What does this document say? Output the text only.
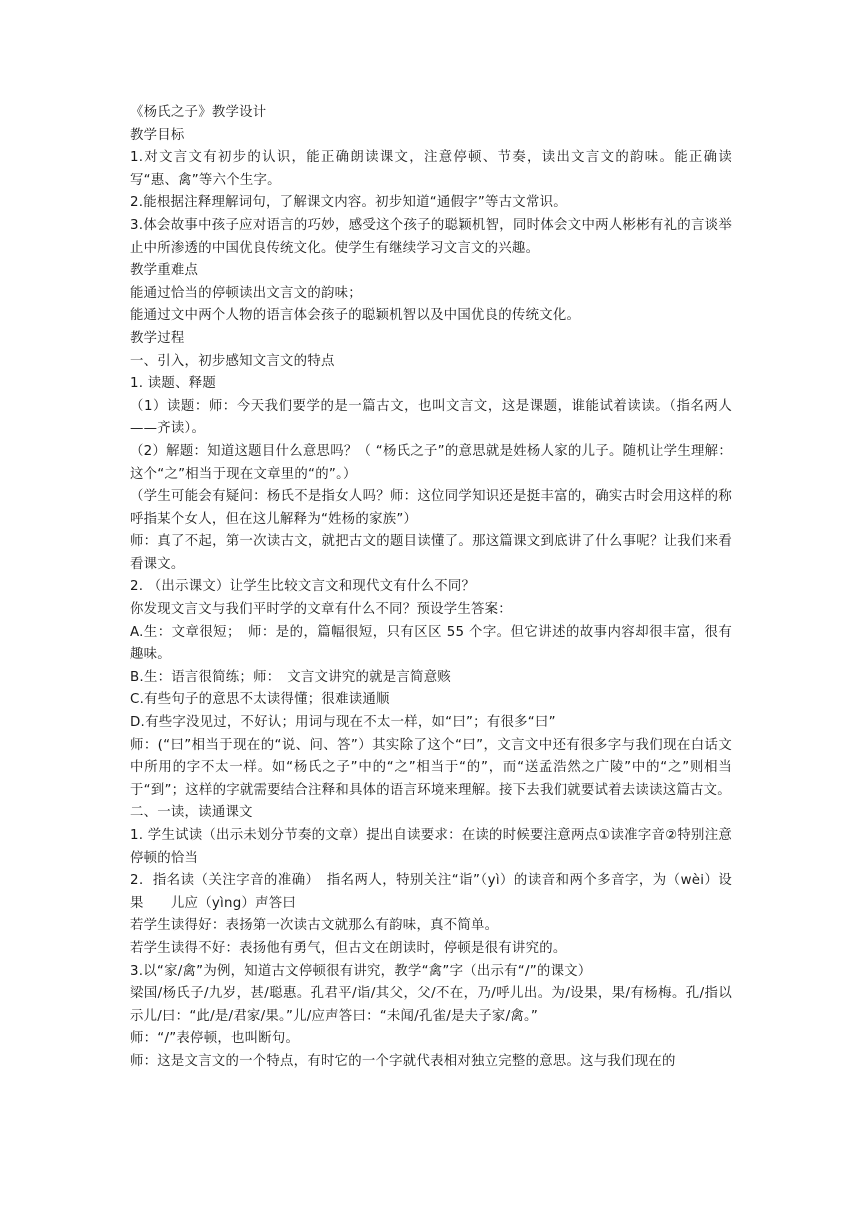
《杨氏之子》教学设计

教学目标

1.对文言文有初步的认识，能正确朗读课文，注意停顿、节奏，读出文言文的韵味。能正确读写“惠、禽”等六个生字。

2.能根据注释理解词句，了解课文内容。初步知道“通假字”等古文常识。

3.体会故事中孩子应对语言的巧妙，感受这个孩子的聪颖机智，同时体会文中两人彬彬有礼的言谈举止中所渗透的中国优良传统文化。使学生有继续学习文言文的兴趣。

教学重难点

能通过恰当的停顿读出文言文的韵味；

能通过文中两个人物的语言体会孩子的聪颖机智以及中国优良的传统文化。

教学过程

一、引入，初步感知文言文的特点

1. 读题、释题

（1）读题：师：今天我们要学的是一篇古文，也叫文言文，这是课题，谁能试着读读。（指名两人——齐读）。

（2）解题：知道这题目什么意思吗？（ “杨氏之子”的意思就是姓杨人家的儿子。随机让学生理解：这个“之”相当于现在文章里的“的”。）

（学生可能会有疑问：杨氏不是指女人吗？师：这位同学知识还是挺丰富的，确实古时会用这样的称呼指某个女人，但在这儿解释为“姓杨的家族”）

师：真了不起，第一次读古文，就把古文的题目读懂了。那这篇课文到底讲了什么事呢？让我们来看看课文。

2. （出示课文）让学生比较文言文和现代文有什么不同？

你发现文言文与我们平时学的文章有什么不同？预设学生答案：

A.生：文章很短；　师：是的，篇幅很短，只有区区 55 个字。但它讲述的故事内容却很丰富，很有趣味。

B.生：语言很简练；师：　文言文讲究的就是言简意赅

C.有些句子的意思不太读得懂；很难读通顺

D.有些字没见过，不好认；用词与现在不太一样，如“曰”；有很多“曰”

师：(“曰”相当于现在的“说、问、答”）其实除了这个“曰”，文言文中还有很多字与我们现在白话文中所用的字不太一样。如“杨氏之子”中的“之”相当于“的”，而“送孟浩然之广陵”中的“之”则相当于“到”；这样的字就需要结合注释和具体的语言环境来理解。接下去我们就要试着去读读这篇古文。

二、一读，读通课文

1. 学生试读（出示未划分节奏的文章）提出自读要求：在读的时候要注意两点①读准字音②特别注意停顿的恰当

2．指名读（关注字音的准确）　指名两人，特别关注“诣”（yì）的读音和两个多音字，为（wèi）设果　　儿应（yìng）声答曰

若学生读得好：表扬第一次读古文就那么有韵味，真不简单。

若学生读得不好：表扬他有勇气，但古文在朗读时，停顿是很有讲究的。

3.以“家/禽”为例，知道古文停顿很有讲究，教学“禽”字（出示有“/”的课文）

梁国/杨氏子/九岁，甚/聪惠。孔君平/诣/其父，父/不在，乃/呼儿出。为/设果，果/有杨梅。孔/指以示儿/曰：“此/是/君家/果。”儿/应声答曰：“未闻/孔雀/是夫子家/禽。”

师：“/”表停顿，也叫断句。

师：这是文言文的一个特点，有时它的一个字就代表相对独立完整的意思。这与我们现在的
